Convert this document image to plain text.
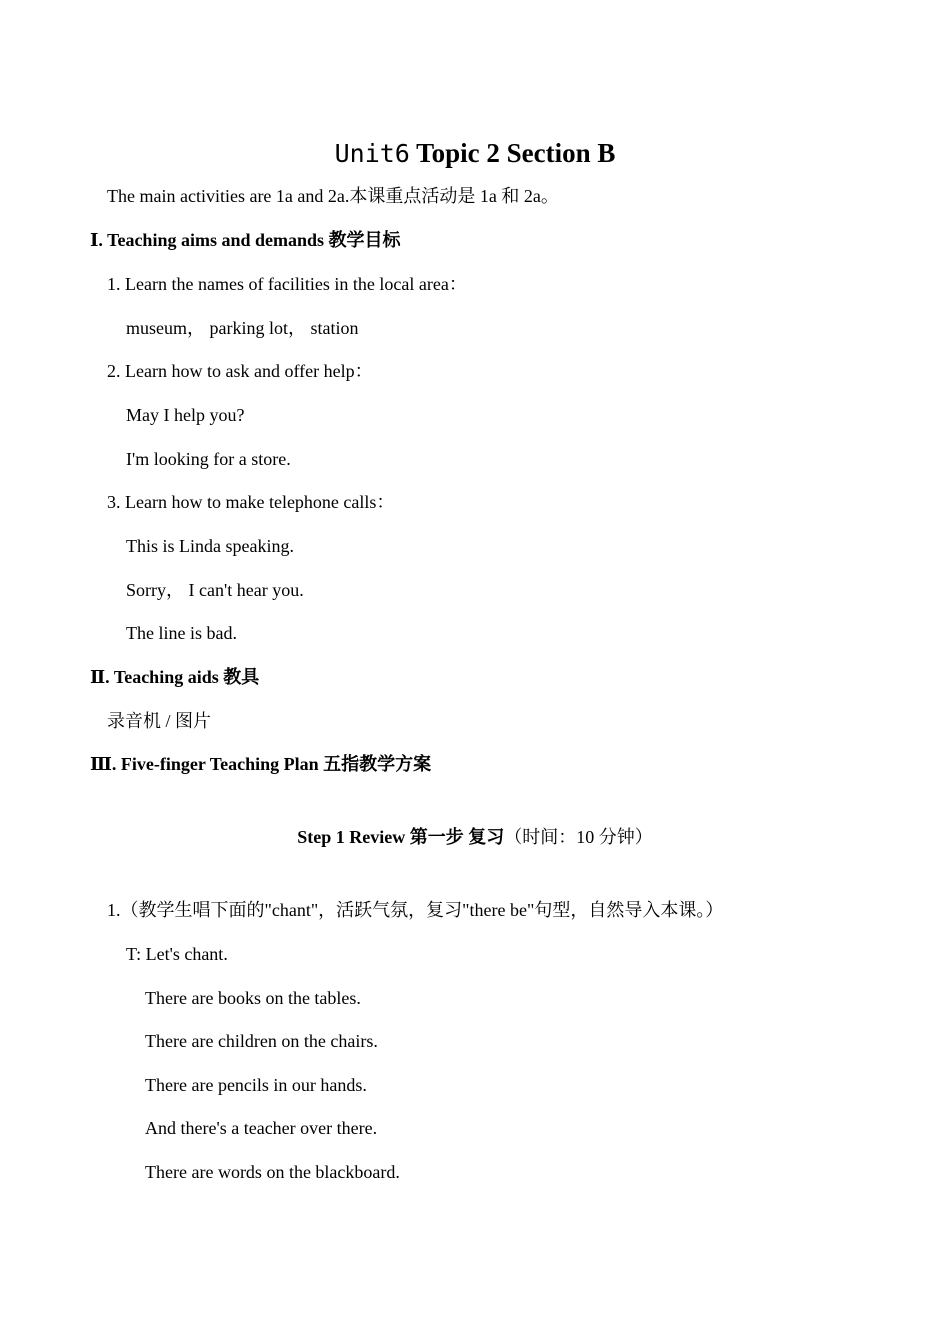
Unit6 Topic 2 Section B
The main activities are 1a and 2a.本课重点活动是 1a 和 2a。
Ⅰ. Teaching aims and demands 教学目标
1. Learn the names of facilities in the local area：
museum， parking lot， station
2. Learn how to ask and offer help：
May I help you?
I'm looking for a store.
3. Learn how to make telephone calls：
This is Linda speaking.
Sorry， I can't hear you.
The line is bad.
Ⅱ. Teaching aids 教具
录音机 / 图片
Ⅲ. Five-finger Teaching Plan 五指教学方案
Step 1 Review 第一步 复习（时间：10 分钟）
1.（教学生唱下面的"chant"，活跃气氛，复习"there be"句型，自然导入本课。）
T: Let's chant.
There are books on the tables.
There are children on the chairs.
There are pencils in our hands.
And there's a teacher over there.
There are words on the blackboard.
